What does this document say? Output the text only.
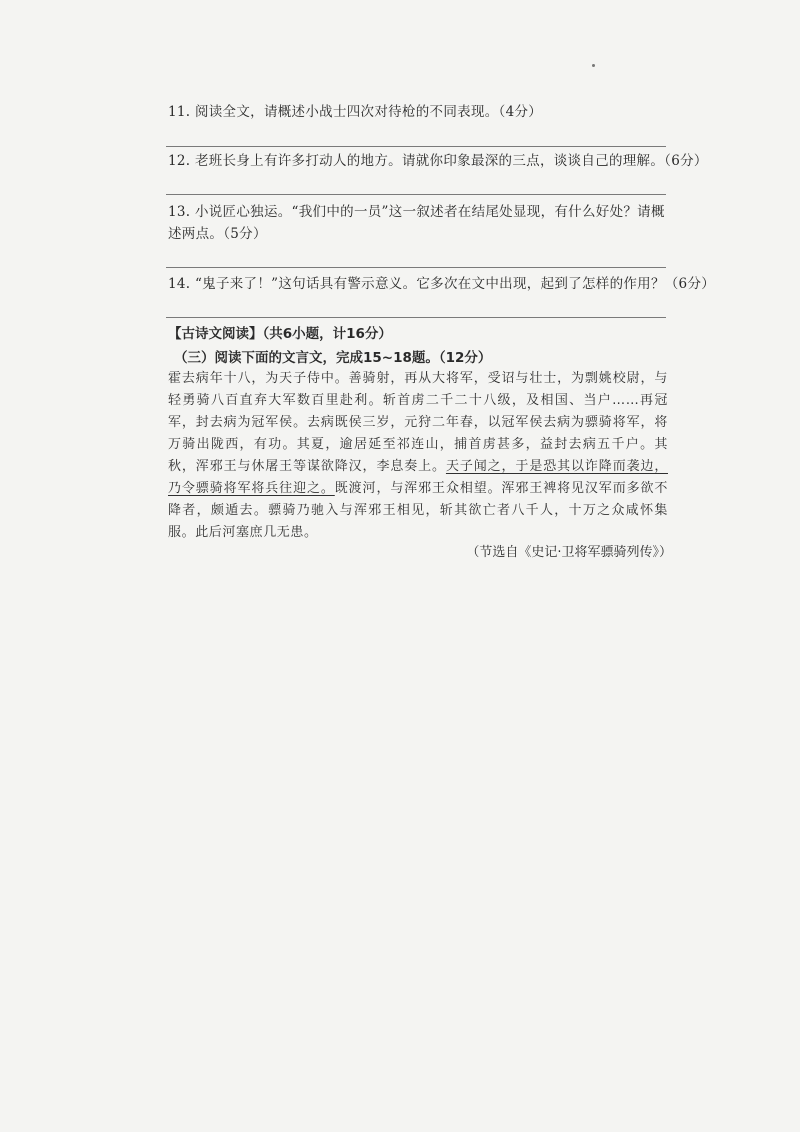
11. 阅读全文，请概述小战士四次对待枪的不同表现。（4分）
12. 老班长身上有许多打动人的地方。请就你印象最深的三点，谈谈自己的理解。（6分）
13. 小说匠心独运。“我们中的一员”这一叙述者在结尾处显现，有什么好处？请概述两点。（5分）
14. “鬼子来了！”这句话具有警示意义。它多次在文中出现，起到了怎样的作用？（6分）
【古诗文阅读】（共6小题，计16分）
（三）阅读下面的文言文，完成15~18题。（12分）
霍去病年十八，为天子侍中。善骑射，再从大将军，受诏与壮士，为剽姚校尉，与轻勇骑八百直弃大军数百里赴利。斩首虏二千二十八级，及相国、当户……再冠军，封去病为冠军侯。去病既侯三岁，元狩二年春，以冠军侯去病为骠骑将军，将万骑出陇西，有功。其夏，逾居延至祁连山，捕首虏甚多，益封去病五千户。其秋，浑邪王与休屠王等谋欲降汉，李息奏上。天子闻之，于是恐其以诈降而袭边，乃令骠骑将军将兵往迎之。既渡河，与浑邪王众相望。浑邪王裨将见汉军而多欲不降者，颇遁去。骠骑乃驰入与浑邪王相见，斩其欲亡者八千人，十万之众咸怀集服。此后河塞庶几无患。
（节选自《史记·卫将军骠骑列传》）
